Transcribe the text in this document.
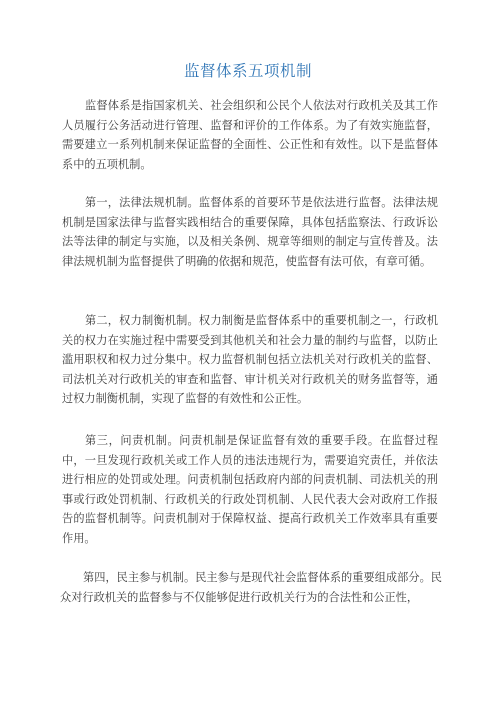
监督体系五项机制

监督体系是指国家机关、社会组织和公民个人依法对行政机关及其工作人员履行公务活动进行管理、监督和评价的工作体系。为了有效实施监督，需要建立一系列机制来保证监督的全面性、公正性和有效性。以下是监督体系中的五项机制。

第一，法律法规机制。监督体系的首要环节是依法进行监督。法律法规机制是国家法律与监督实践相结合的重要保障，具体包括监察法、行政诉讼法等法律的制定与实施，以及相关条例、规章等细则的制定与宣传普及。法律法规机制为监督提供了明确的依据和规范，使监督有法可依，有章可循。

第二，权力制衡机制。权力制衡是监督体系中的重要机制之一，行政机关的权力在实施过程中需要受到其他机关和社会力量的制约与监督，以防止滥用职权和权力过分集中。权力监督机制包括立法机关对行政机关的监督、司法机关对行政机关的审查和监督、审计机关对行政机关的财务监督等，通过权力制衡机制，实现了监督的有效性和公正性。

第三，问责机制。问责机制是保证监督有效的重要手段。在监督过程中，一旦发现行政机关或工作人员的违法违规行为，需要追究责任，并依法进行相应的处罚或处理。问责机制包括政府内部的问责机制、司法机关的刑事或行政处罚机制、行政机关的行政处罚机制、人民代表大会对政府工作报告的监督机制等。问责机制对于保障权益、提高行政机关工作效率具有重要作用。

第四，民主参与机制。民主参与是现代社会监督体系的重要组成部分。民众对行政机关的监督参与不仅能够促进行政机关行为的合法性和公正性，
